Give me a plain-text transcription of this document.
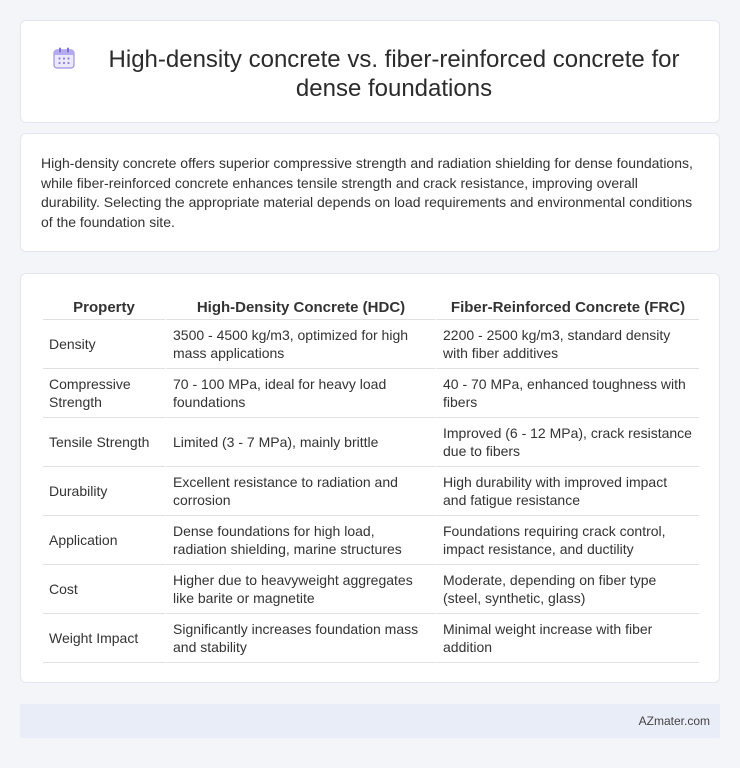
High-density concrete vs. fiber-reinforced concrete for dense foundations

High-density concrete offers superior compressive strength and radiation shielding for dense foundations, while fiber-reinforced concrete enhances tensile strength and crack resistance, improving overall durability. Selecting the appropriate material depends on load requirements and environmental conditions of the foundation site.

Property	High-Density Concrete (HDC)	Fiber-Reinforced Concrete (FRC)
Density	3500 - 4500 kg/m3, optimized for high mass applications	2200 - 2500 kg/m3, standard density with fiber additives
Compressive Strength	70 - 100 MPa, ideal for heavy load foundations	40 - 70 MPa, enhanced toughness with fibers
Tensile Strength	Limited (3 - 7 MPa), mainly brittle	Improved (6 - 12 MPa), crack resistance due to fibers
Durability	Excellent resistance to radiation and corrosion	High durability with improved impact and fatigue resistance
Application	Dense foundations for high load, radiation shielding, marine structures	Foundations requiring crack control, impact resistance, and ductility
Cost	Higher due to heavyweight aggregates like barite or magnetite	Moderate, depending on fiber type (steel, synthetic, glass)
Weight Impact	Significantly increases foundation mass and stability	Minimal weight increase with fiber addition
AZmater.com
